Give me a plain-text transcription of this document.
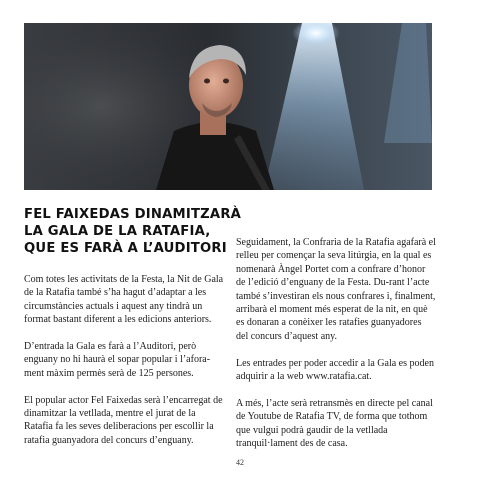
FEL FAIXEDAS DINAMITZARÀ
LA GALA DE LA RATAFIA,
QUE ES FARÀ A L’AUDITORI

Com totes les activitats de la Festa, la Nit de Gala de la Ratafia també s’ha hagut d’adaptar a les circumstàncies actuals i aquest any tindrà un format bastant diferent a les edicions anteriors.

D’entrada la Gala es farà a l’Auditori, però enguany no hi haurà el sopar popular i l’afora-ment màxim permès serà de 125 persones.

El popular actor Fel Faixedas serà l’encarregat de dinamitzar la vetllada, mentre el jurat de la Ratafia fa les seves deliberacions per escollir la ratafia guanyadora del concurs d’enguany.

Seguidament, la Confraria de la Ratafia agafarà el relleu per començar la seva litúrgia, en la qual es nomenarà Àngel Portet com a confrare d’honor de l’edició d’enguany de la Festa. Du-rant l’acte també s’investiran els nous confrares i, finalment, arribarà el moment més esperat de la nit, en què es donaran a conèixer les ratafies guanyadores del concurs d’aquest any.

Les entrades per poder accedir a la Gala es poden adquirir a la web www.ratafia.cat.

A més, l’acte serà retransmès en directe pel canal de Youtube de Ratafia TV, de forma que tothom que vulgui podrà gaudir de la vetllada tranquil·lament des de casa.

42
